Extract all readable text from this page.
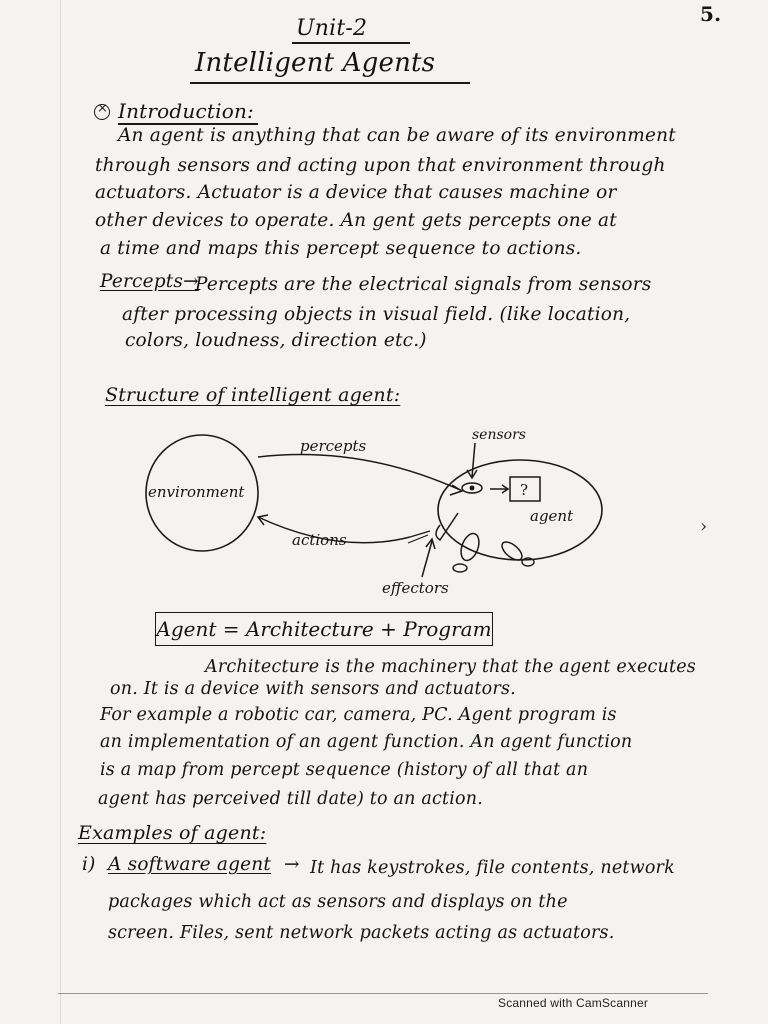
5.
Unit-2
Intelligent Agents
×
Introduction:
An agent is anything that can be aware of its environment
through sensors and acting upon that environment through
actuators. Actuator is a device that causes machine or
other devices to operate. An gent gets percepts one at
a time and maps this percept sequence to actions.
Percepts→
Percepts are the electrical signals from sensors
after processing objects in visual field. (like location,
colors, loudness, direction etc.)
Structure of intelligent agent:
environment
percepts
sensors
?
agent
actions
effectors
Agent = Architecture + Program
Architecture is the machinery that the agent executes
on. It is a device with sensors and actuators.
For example a robotic car, camera, PC. Agent program is
an implementation of an agent function. An agent function
is a map from percept sequence (history of all that an
agent has perceived till date) to an action.
Examples of agent:
i) A software agent → It has keystrokes, file contents, network
packages which act as sensors and displays on the
screen. Files, sent network packets acting as actuators.
›
Scanned with CamScanner
